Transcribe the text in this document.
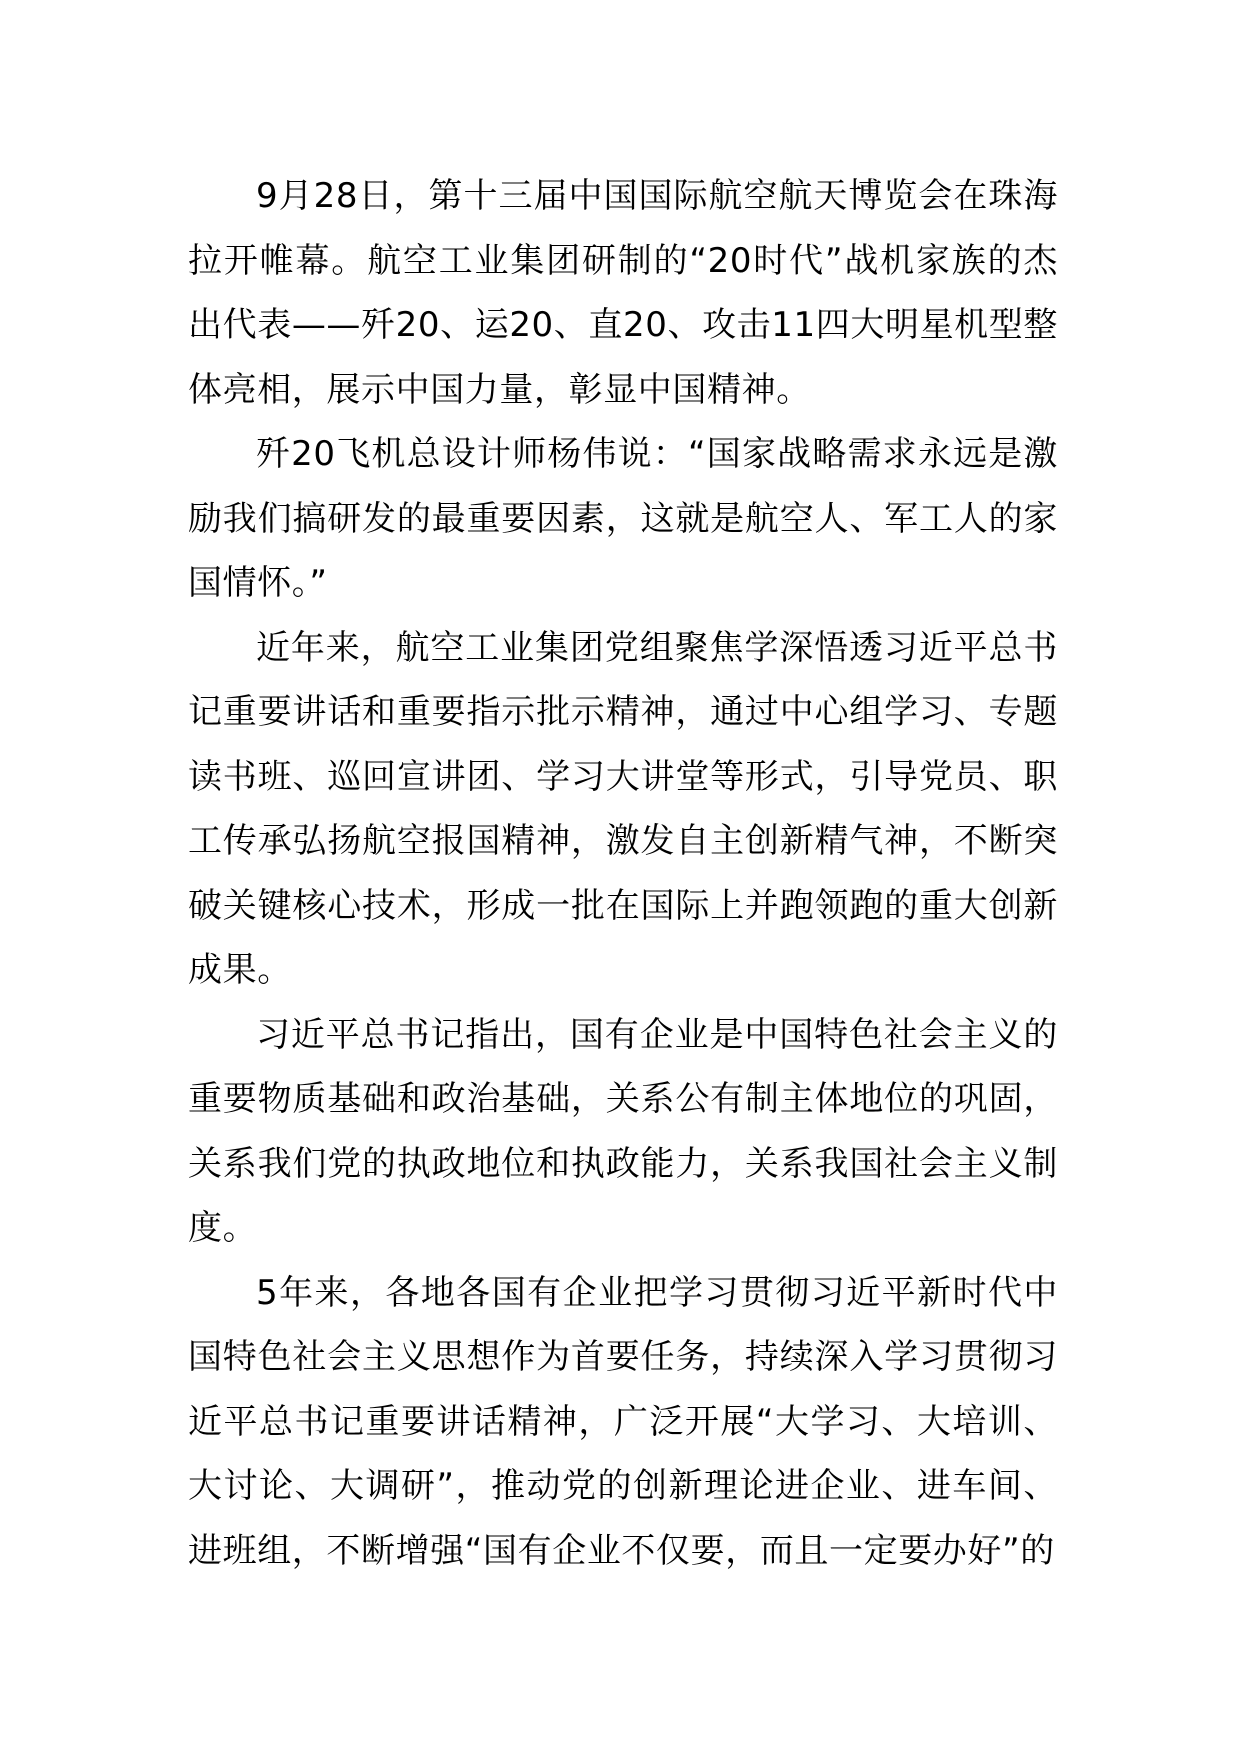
9月28日，第十三届中国国际航空航天博览会在珠海拉开帷幕。航空工业集团研制的“20时代”战机家族的杰出代表——歼20、运20、直20、攻击11四大明星机型整体亮相，展示中国力量，彰显中国精神。

歼20飞机总设计师杨伟说：“国家战略需求永远是激励我们搞研发的最重要因素，这就是航空人、军工人的家国情怀。”

近年来，航空工业集团党组聚焦学深悟透习近平总书记重要讲话和重要指示批示精神，通过中心组学习、专题读书班、巡回宣讲团、学习大讲堂等形式，引导党员、职工传承弘扬航空报国精神，激发自主创新精气神，不断突破关键核心技术，形成一批在国际上并跑领跑的重大创新成果。

习近平总书记指出，国有企业是中国特色社会主义的重要物质基础和政治基础，关系公有制主体地位的巩固，关系我们党的执政地位和执政能力，关系我国社会主义制度。

5年来，各地各国有企业把学习贯彻习近平新时代中国特色社会主义思想作为首要任务，持续深入学习贯彻习近平总书记重要讲话精神，广泛开展“大学习、大培训、大讨论、大调研”，推动党的创新理论进企业、进车间、进班组，不断增强“国有企业不仅要，而且一定要办好”的
